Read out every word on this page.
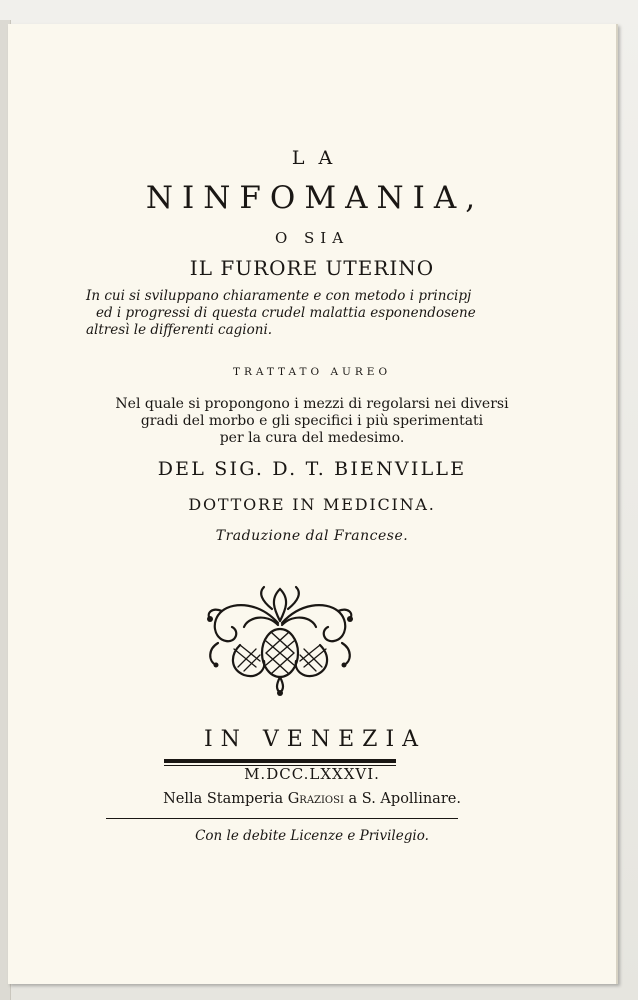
LA
NINFOMANIA,
O SIA
IL FURORE UTERINO
In cui si sviluppano chiaramente e con metodo i principj
ed i progressi di questa crudel malattia esponendosene
altresì le differenti cagioni.
TRATTATO AUREO
Nel quale si propongono i mezzi di regolarsi nei diversi
gradi del morbo e gli specifici i più sperimentati
per la cura del medesimo.
DEL SIG. D. T. BIENVILLE
DOTTORE IN MEDICINA.
Traduzione dal Francese.
IN VENEZIA
M.DCC.LXXXVI.
Nella Stamperia Graziosi a S. Apollinare.
Con le debite Licenze e Privilegio.
